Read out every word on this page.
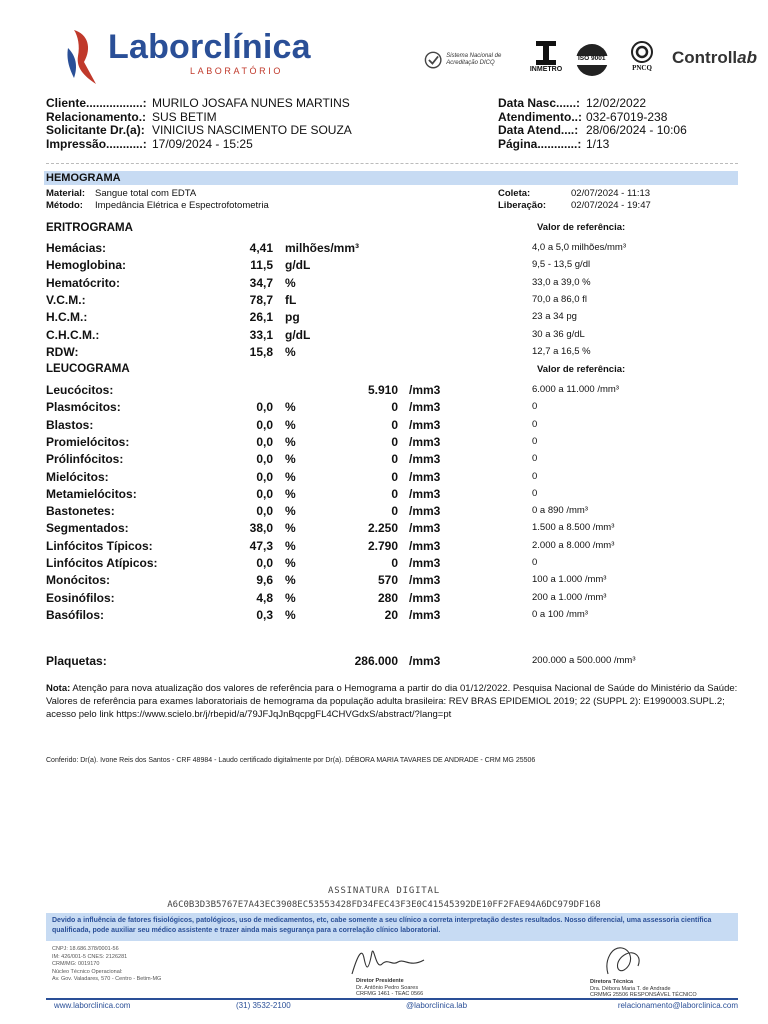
Laborclínica
LABORATÓRIO
Sistema Nacional de Acreditação DICQ
INMETRO
ISO 9001
PNCQ
Controllab
Cliente.................: MURILO JOSAFA NUNES MARTINS
Relacionamento.: SUS BETIM
Solicitante Dr.(a): VINICIUS NASCIMENTO DE SOUZA
Impressão...........: 17/09/2024 - 15:25
Data Nasc......: 12/02/2022
Atendimento..: 032-67019-238
Data Atend....: 28/06/2024 - 10:06
Página............: 1/13
HEMOGRAMA
Material:	Sangue total com EDTA
Método:	Impedância Elétrica e Espectrofotometria
Coleta:	02/07/2024 - 11:13
Liberação:	02/07/2024 - 19:47
ERITROGRAMA	Valor de referência:
Hemácias:	4,41 milhões/mm³	4,0 a 5,0 milhões/mm³
Hemoglobina:	11,5 g/dL	9,5 - 13,5 g/dl
Hematócrito:	34,7 %	33,0 a 39,0 %
V.C.M.:	78,7 fL	70,0 a 86,0 fl
H.C.M.:	26,1 pg	23 a 34 pg
C.H.C.M.:	33,1 g/dL	30 a 36 g/dL
RDW:	15,8 %	12,7 a 16,5 %
LEUCOGRAMA	Valor de referência:
Leucócitos:	5.910 /mm3	6.000 a 11.000 /mm³
Plasmócitos:	0,0 %	0 /mm3	0
Blastos:	0,0 %	0 /mm3	0
Promielócitos:	0,0 %	0 /mm3	0
Prólinfócitos:	0,0 %	0 /mm3	0
Mielócitos:	0,0 %	0 /mm3	0
Metamielócitos:	0,0 %	0 /mm3	0
Bastonetes:	0,0 %	0 /mm3	0 a 890 /mm³
Segmentados:	38,0 %	2.250 /mm3	1.500 a 8.500 /mm³
Linfócitos Típicos:	47,3 %	2.790 /mm3	2.000 a 8.000 /mm³
Linfócitos Atípicos:	0,0 %	0 /mm3	0
Monócitos:	9,6 %	570 /mm3	100 a 1.000 /mm³
Eosinófilos:	4,8 %	280 /mm3	200 a 1.000 /mm³
Basófilos:	0,3 %	20 /mm3	0 a 100 /mm³
Plaquetas:	286.000 /mm3	200.000 a 500.000 /mm³
Nota: Atenção para nova atualização dos valores de referência para o Hemograma a partir do dia 01/12/2022. Pesquisa Nacional de Saúde do Ministério da Saúde: Valores de referência para exames laboratoriais de hemograma da população adulta brasileira: REV BRAS EPIDEMIOL 2019; 22 (SUPPL 2): E1990003.SUPL.2; acesso pelo link https://www.scielo.br/j/rbepid/a/79JFJqJnBqcpgFL4CHVGdxS/abstract/?lang=pt
Conferido: Dr(a). Ivone Reis dos Santos - CRF 48984 - Laudo certificado digitalmente por Dr(a). DÉBORA MARIA TAVARES DE ANDRADE - CRM MG 25506
ASSINATURA DIGITAL
A6C0B3D3B5767E7A43EC3908EC53553428FD34FEC43F3E0C41545392DE10FF2FAE94A6DC979DF168
Devido a influência de fatores fisiológicos, patológicos, uso de medicamentos, etc, cabe somente a seu clínico a correta interpretação destes resultados. Nosso diferencial, uma assessoria científica qualificada, pode auxiliar seu médico assistente e trazer ainda mais segurança para a correlação clínico laboratorial.
CNPJ: 18.686.378/0001-56
IM: 426/001-5 CNES: 2126281
CRM/MG: 0019170
Núcleo Técnico Operacional:
Av. Gov. Valadares, 570 - Centro - Betim-MG	Diretor Presidente
Dr. Antônio Pedro Soares
CRFMG 1461 - TEAC 0566
Diretora Técnica
Dra. Débora Maria T. de Andrade
CRMMG 25506 RESPONSÁVEL TÉCNICO
www.laborclinica.com	(31) 3532-2100	@laborclinica.lab	relacionamento@laborclinica.com
